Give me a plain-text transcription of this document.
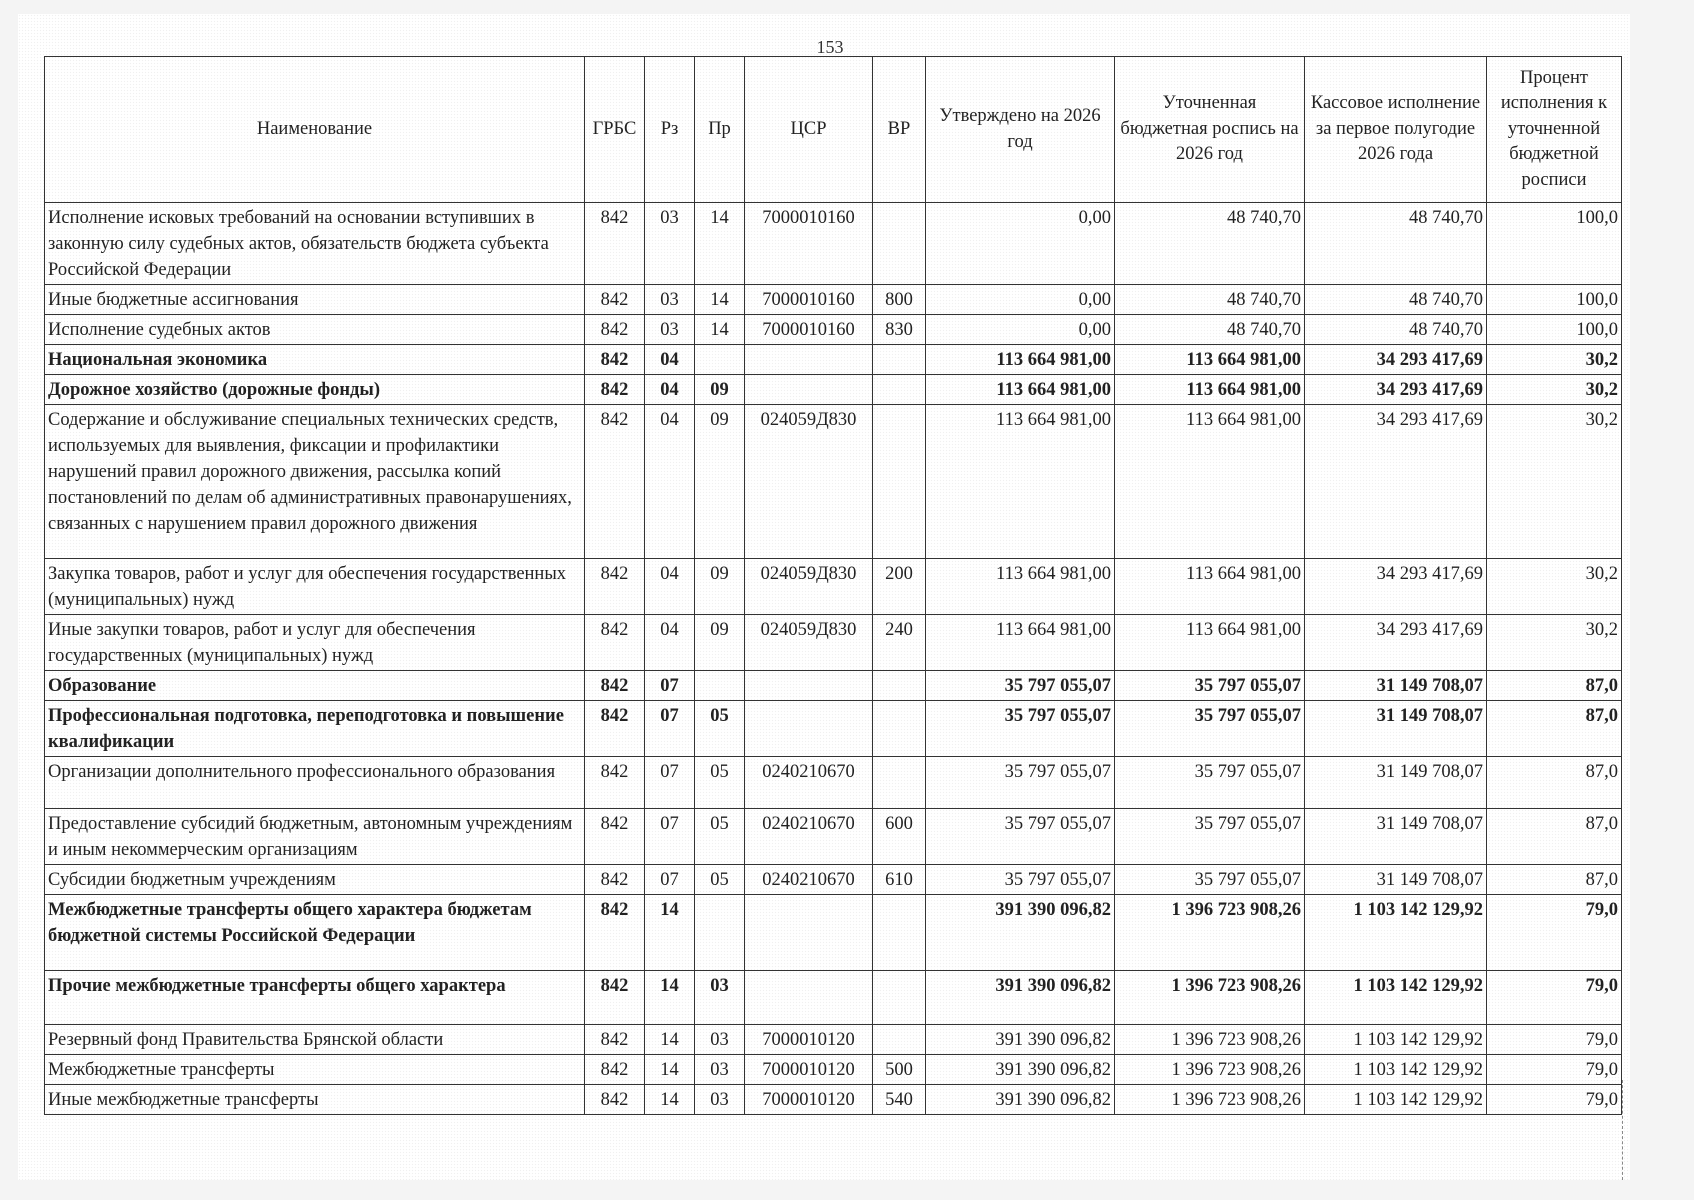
153
Наименование	ГРБС	Рз	Пр	ЦСР	ВР	Утверждено на 2026 год	Уточненная бюджетная роспись на 2026 год	Кассовое исполнение за первое полугодие 2026 года	Процент исполнения к уточненной бюджетной росписи
Исполнение исковых требований на основании вступивших в законную силу судебных актов, обязательств бюджета субъекта Российской Федерации	842	03	14	7000010160		0,00	48 740,70	48 740,70	100,0
Иные бюджетные ассигнования	842	03	14	7000010160	800	0,00	48 740,70	48 740,70	100,0
Исполнение судебных актов	842	03	14	7000010160	830	0,00	48 740,70	48 740,70	100,0
Национальная экономика	842	04				113 664 981,00	113 664 981,00	34 293 417,69	30,2
Дорожное хозяйство (дорожные фонды)	842	04	09			113 664 981,00	113 664 981,00	34 293 417,69	30,2
Содержание и обслуживание специальных технических средств, используемых для выявления, фиксации и профилактики нарушений правил дорожного движения, рассылка копий постановлений по делам об административных правонарушениях, связанных с нарушением правил дорожного движения	842	04	09	024059Д830		113 664 981,00	113 664 981,00	34 293 417,69	30,2
Закупка товаров, работ и услуг для обеспечения государственных (муниципальных) нужд	842	04	09	024059Д830	200	113 664 981,00	113 664 981,00	34 293 417,69	30,2
Иные закупки товаров, работ и услуг для обеспечения государственных (муниципальных) нужд	842	04	09	024059Д830	240	113 664 981,00	113 664 981,00	34 293 417,69	30,2
Образование	842	07				35 797 055,07	35 797 055,07	31 149 708,07	87,0
Профессиональная подготовка, переподготовка и повышение квалификации	842	07	05			35 797 055,07	35 797 055,07	31 149 708,07	87,0
Организации дополнительного профессионального образования	842	07	05	0240210670		35 797 055,07	35 797 055,07	31 149 708,07	87,0
Предоставление субсидий бюджетным, автономным учреждениям и иным некоммерческим организациям	842	07	05	0240210670	600	35 797 055,07	35 797 055,07	31 149 708,07	87,0
Субсидии бюджетным учреждениям	842	07	05	0240210670	610	35 797 055,07	35 797 055,07	31 149 708,07	87,0
Межбюджетные трансферты общего характера бюджетам бюджетной системы Российской Федерации	842	14				391 390 096,82	1 396 723 908,26	1 103 142 129,92	79,0
Прочие межбюджетные трансферты общего характера	842	14	03			391 390 096,82	1 396 723 908,26	1 103 142 129,92	79,0
Резервный фонд Правительства Брянской области	842	14	03	7000010120		391 390 096,82	1 396 723 908,26	1 103 142 129,92	79,0
Межбюджетные трансферты	842	14	03	7000010120	500	391 390 096,82	1 396 723 908,26	1 103 142 129,92	79,0
Иные межбюджетные трансферты	842	14	03	7000010120	540	391 390 096,82	1 396 723 908,26	1 103 142 129,92	79,0
